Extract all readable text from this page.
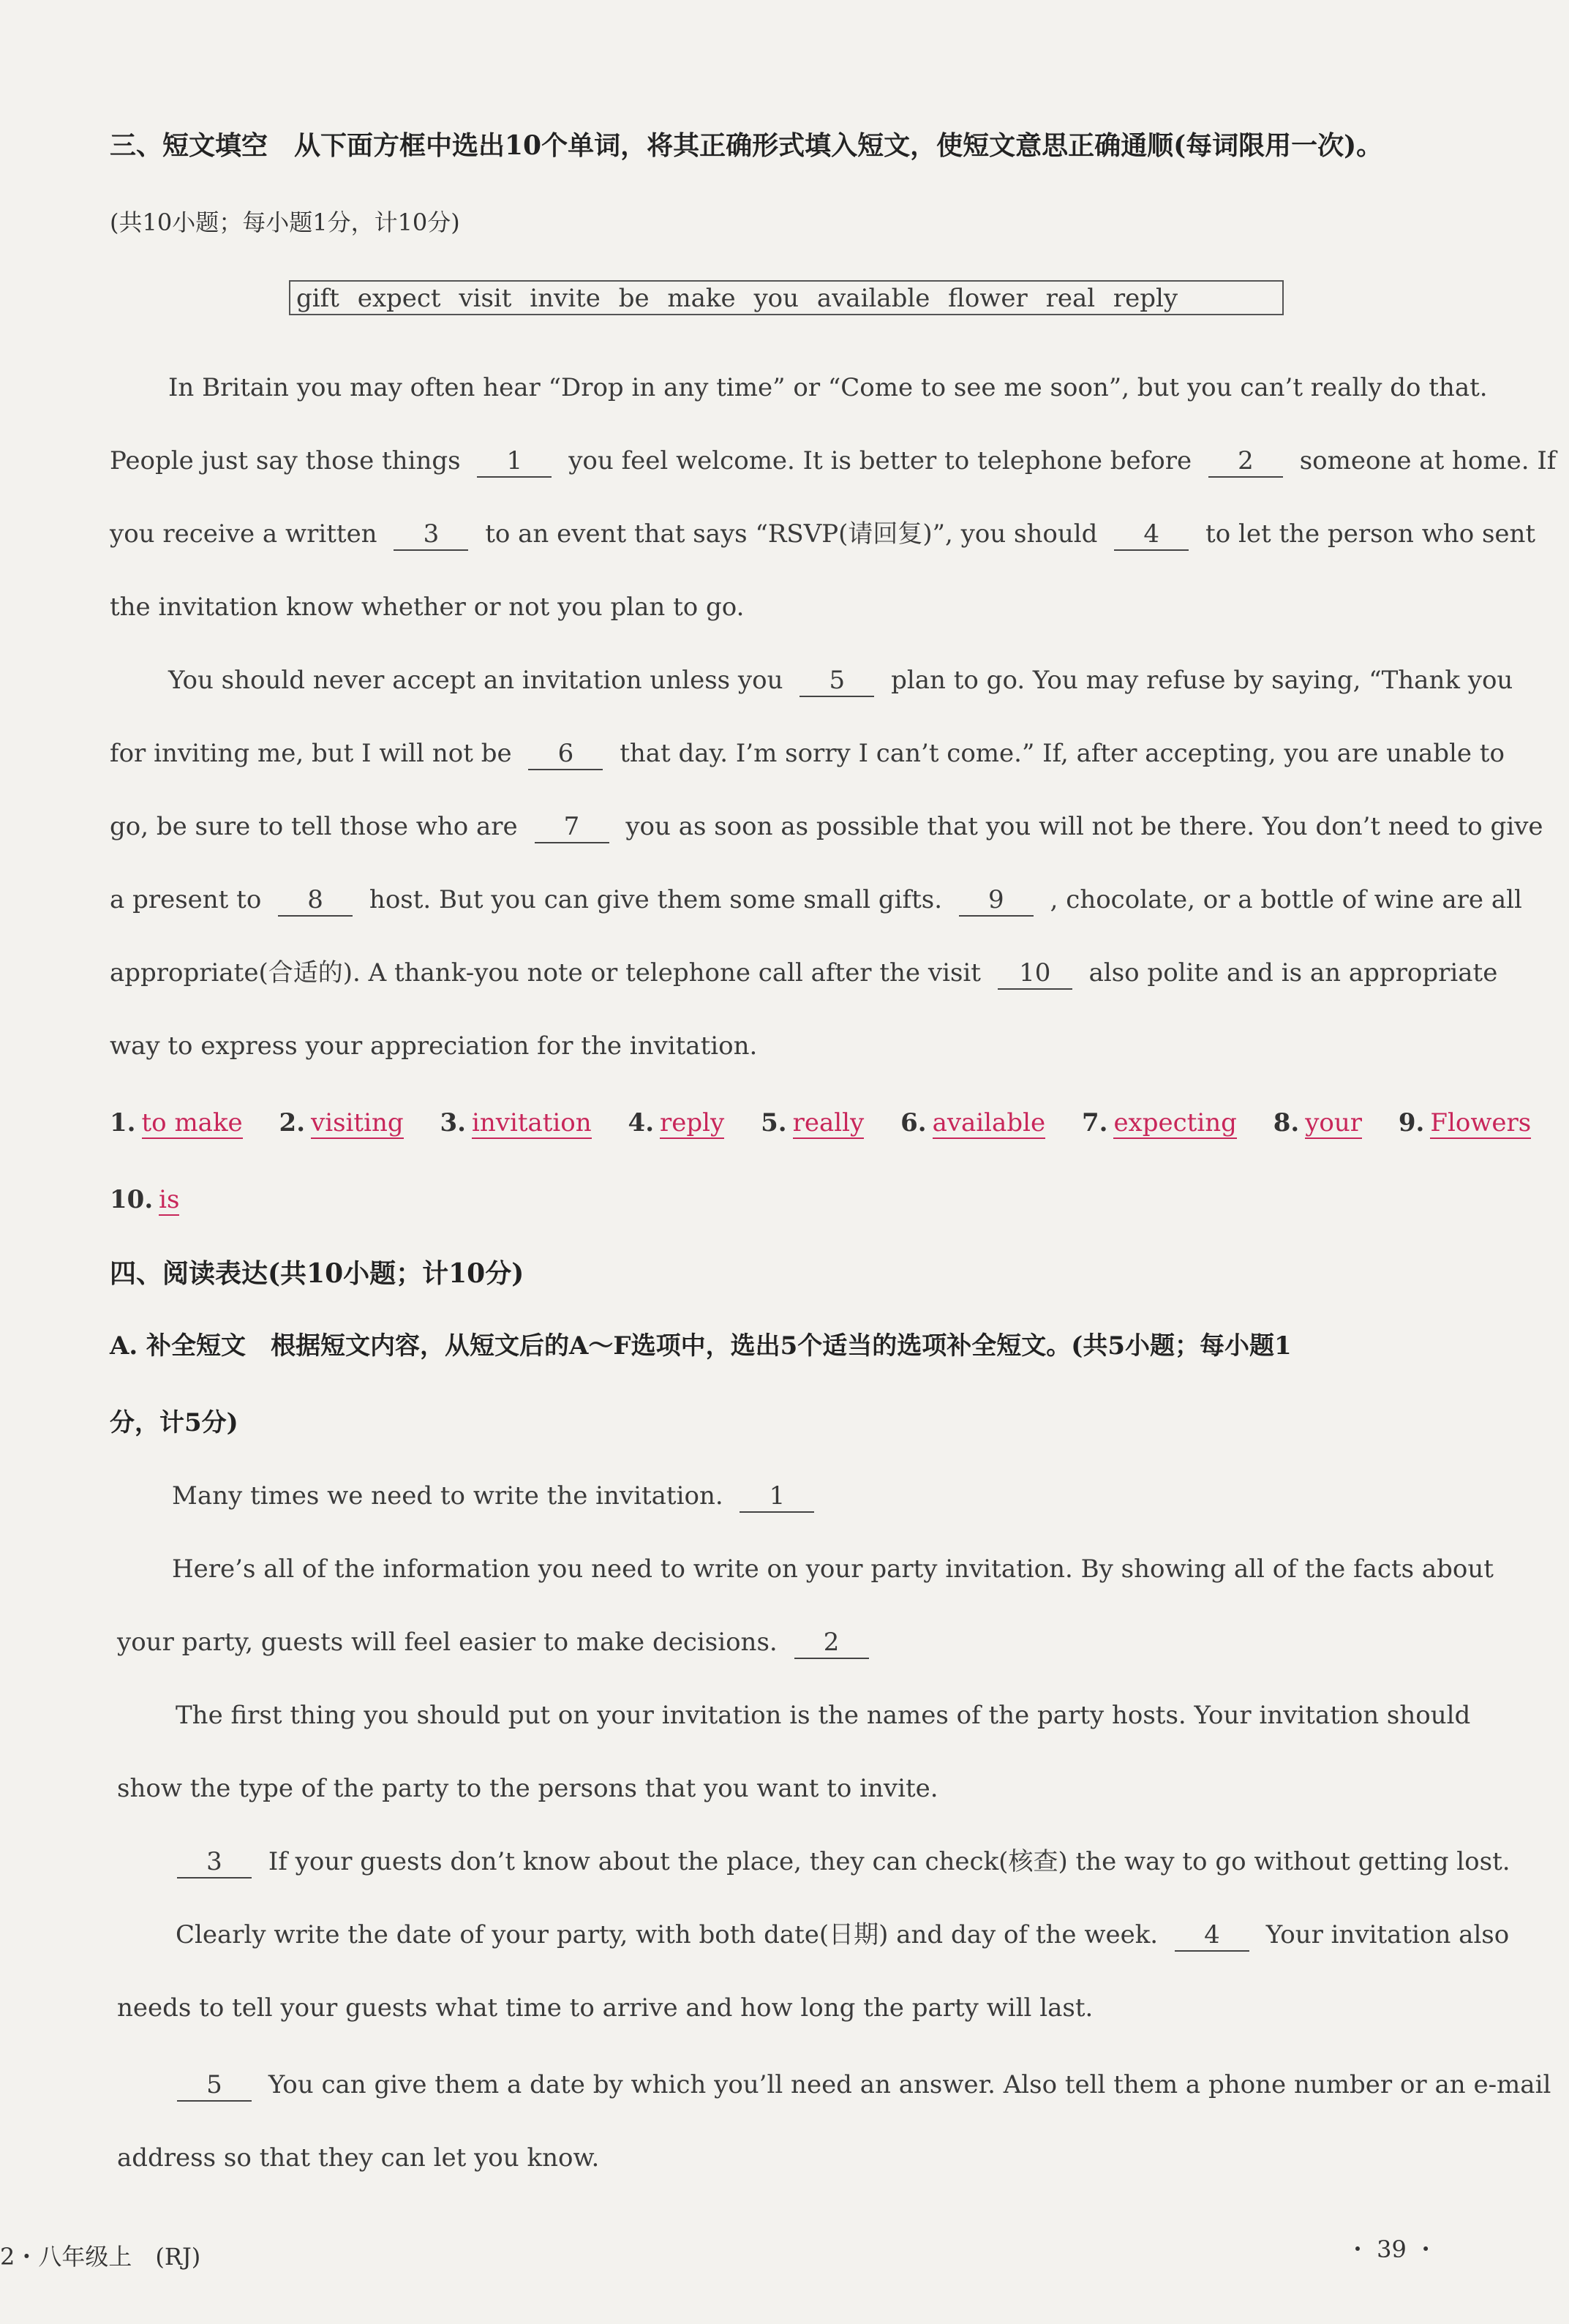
三、短文填空　从下面方框中选出10个单词，将其正确形式填入短文，使短文意思正确通顺(每词限用一次)。
(共10小题；每小题1分，计10分)
gift expect visit invite be make you available flower real reply
In Britain you may often hear “Drop in any time” or “Come to see me soon”, but you can’t really do that.
People just say those things 1 you feel welcome. It is better to telephone before 2 someone at home. If
you receive a written 3 to an event that says “RSVP(请回复)”, you should 4 to let the person who sent
the invitation know whether or not you plan to go.
You should never accept an invitation unless you 5 plan to go. You may refuse by saying, “Thank you
for inviting me, but I will not be 6 that day. I’m sorry I can’t come.” If, after accepting, you are unable to
go, be sure to tell those who are 7 you as soon as possible that you will not be there. You don’t need to give
a present to 8 host. But you can give them some small gifts. 9 , chocolate, or a bottle of wine are all
appropriate(合适的). A thank-you note or telephone call after the visit 10 also polite and is an appropriate
way to express your appreciation for the invitation.
1. to make 2. visiting 3. invitation 4. reply 5. really 6. available 7. expecting 8. your 9. Flowers
10. is
四、阅读表达(共10小题；计10分)
A. 补全短文　根据短文内容，从短文后的A～F选项中，选出5个适当的选项补全短文。(共5小题；每小题1
分，计5分)
Many times we need to write the invitation. 1
Here’s all of the information you need to write on your party invitation. By showing all of the facts about
your party, guests will feel easier to make decisions. 2
The first thing you should put on your invitation is the names of the party hosts. Your invitation should
show the type of the party to the persons that you want to invite.
3 If your guests don’t know about the place, they can check(核查) the way to go without getting lost.
Clearly write the date of your party, with both date(日期) and day of the week. 4 Your invitation also
needs to tell your guests what time to arrive and how long the party will last.
5 You can give them a date by which you’ll need an answer. Also tell them a phone number or an e-mail
address so that they can let you know.
2・八年级上　(RJ)	・ 39 ・
